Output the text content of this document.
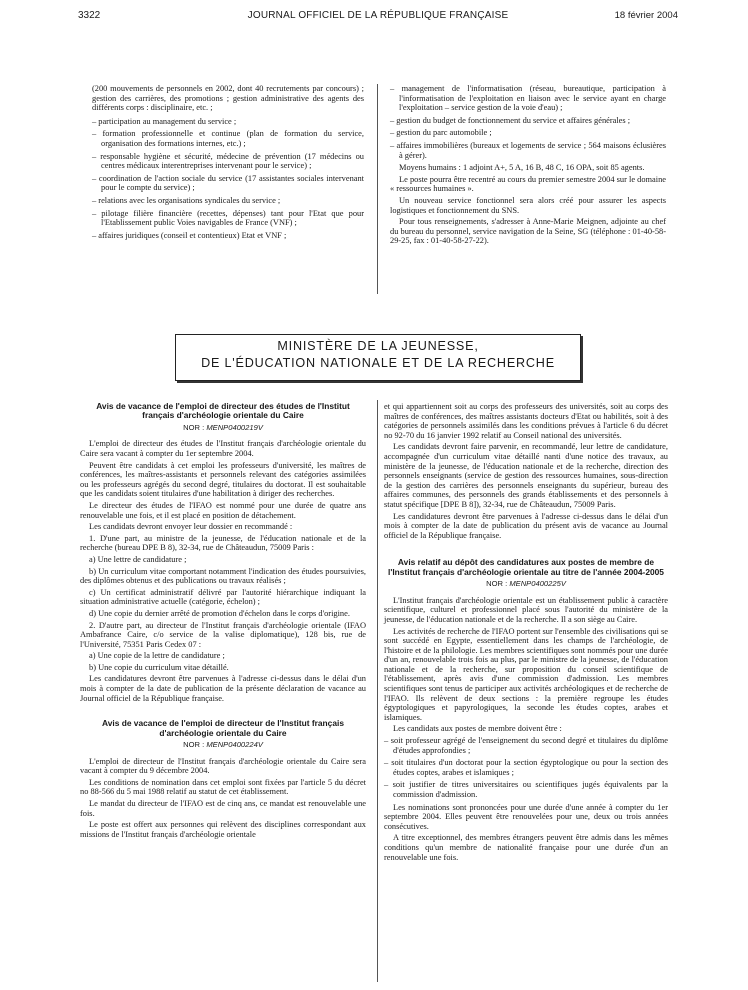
3322	JOURNAL OFFICIEL DE LA RÉPUBLIQUE FRANÇAISE	18 février 2004

(200 mouvements de personnels en 2002, dont 40 recrutements par concours) ; gestion des carrières, des promotions ; gestion administrative des agents des différents corps : disciplinaire, etc. ;

– participation au management du service ;
– formation professionnelle et continue (plan de formation du service, organisation des formations internes, etc.) ;
– responsable hygiène et sécurité, médecine de prévention (17 médecins ou centres médicaux interentreprises intervenant pour le service) ;
– coordination de l'action sociale du service (17 assistantes sociales intervenant pour le compte du service) ;
– relations avec les organisations syndicales du service ;
– pilotage filière financière (recettes, dépenses) tant pour l'Etat que pour l'Etablissement public Voies navigables de France (VNF) ;
– affaires juridiques (conseil et contentieux) Etat et VNF ;
– management de l'informatisation (réseau, bureautique, participation à l'informatisation de l'exploitation en liaison avec le service ayant en charge l'exploitation – service gestion de la voie d'eau) ;
– gestion du budget de fonctionnement du service et affaires générales ;
– gestion du parc automobile ;
– affaires immobilières (bureaux et logements de service ; 564 maisons éclusières à gérer).

Moyens humains : 1 adjoint A+, 5 A, 16 B, 48 C, 16 OPA, soit 85 agents.

Le poste pourra être recentré au cours du premier semestre 2004 sur le domaine « ressources humaines ».

Un nouveau service fonctionnel sera alors créé pour assurer les aspects logistiques et fonctionnement du SNS.

Pour tous renseignements, s'adresser à Anne-Marie Meignen, adjointe au chef du bureau du personnel, service navigation de la Seine, SG (téléphone : 01-40-58-29-25, fax : 01-40-58-27-22).

MINISTÈRE DE LA JEUNESSE,
DE L'ÉDUCATION NATIONALE ET DE LA RECHERCHE
Avis de vacance de l'emploi de directeur des études de l'Institut français d'archéologie orientale du Caire
NOR : MENP0400219V

L'emploi de directeur des études de l'Institut français d'archéologie orientale du Caire sera vacant à compter du 1er septembre 2004.

Peuvent être candidats à cet emploi les professeurs d'université, les maîtres de conférences, les maîtres-assistants et personnels relevant des catégories assimilées ou les professeurs agrégés du second degré, titulaires du doctorat. Il est souhaitable que les candidats soient titulaires d'une habilitation à diriger des recherches.

Le directeur des études de l'IFAO est nommé pour une durée de quatre ans renouvelable une fois, et il est placé en position de détachement.

Les candidats devront envoyer leur dossier en recommandé :

1. D'une part, au ministre de la jeunesse, de l'éducation nationale et de la recherche (bureau DPE B 8), 32-34, rue de Châteaudun, 75009 Paris :

a) Une lettre de candidature ;

b) Un curriculum vitae comportant notamment l'indication des études poursuivies, des diplômes obtenus et des publications ou travaux réalisés ;

c) Un certificat administratif délivré par l'autorité hiérarchique indiquant la situation administrative actuelle (catégorie, échelon) ;

d) Une copie du dernier arrêté de promotion d'échelon dans le corps d'origine.

2. D'autre part, au directeur de l'Institut français d'archéologie orientale (IFAO Ambafrance Caire, c/o service de la valise diplomatique), 128 bis, rue de l'Université, 75351 Paris Cedex 07 :

a) Une copie de la lettre de candidature ;

b) Une copie du curriculum vitae détaillé.

Les candidatures devront être parvenues à l'adresse ci-dessus dans le délai d'un mois à compter de la date de publication de la présente déclaration de vacance au Journal officiel de la République française.

Avis de vacance de l'emploi de directeur de l'Institut français d'archéologie orientale du Caire
NOR : MENP0400224V

L'emploi de directeur de l'Institut français d'archéologie orientale du Caire sera vacant à compter du 9 décembre 2004.

Les conditions de nomination dans cet emploi sont fixées par l'article 5 du décret no 88-566 du 5 mai 1988 relatif au statut de cet établissement.

Le mandat du directeur de l'IFAO est de cinq ans, ce mandat est renouvelable une fois.

Le poste est offert aux personnes qui relèvent des disciplines correspondant aux missions de l'Institut français d'archéologie orientale

et qui appartiennent soit au corps des professeurs des universités, soit au corps des maîtres de conférences, des maîtres assistants docteurs d'Etat ou habilités, soit à des catégories de personnels assimilés dans les conditions prévues à l'article 6 du décret no 92-70 du 16 janvier 1992 relatif au Conseil national des universités.

Les candidats devront faire parvenir, en recommandé, leur lettre de candidature, accompagnée d'un curriculum vitae détaillé nanti d'une notice des travaux, au ministère de la jeunesse, de l'éducation nationale et de la recherche, direction des personnels enseignants (service de gestion des ressources humaines, sous-direction de la gestion des carrières des personnels enseignants du supérieur, bureau des affaires communes, des personnels des grands établissements et des personnels à statut spécifique [DPE B 8]), 32-34, rue de Châteaudun, 75009 Paris.

Les candidatures devront être parvenues à l'adresse ci-dessus dans le délai d'un mois à compter de la date de publication du présent avis de vacance au Journal officiel de la République française.

Avis relatif au dépôt des candidatures aux postes de membre de l'Institut français d'archéologie orientale au titre de l'année 2004-2005
NOR : MENP0400225V

L'Institut français d'archéologie orientale est un établissement public à caractère scientifique, culturel et professionnel placé sous l'autorité du ministère de la jeunesse, de l'éducation nationale et de la recherche. Il a son siège au Caire.

Les activités de recherche de l'IFAO portent sur l'ensemble des civilisations qui se sont succédé en Egypte, essentiellement dans les champs de l'archéologie, de l'histoire et de la philologie. Les membres scientifiques sont nommés pour une durée d'un an, renouvelable trois fois au plus, par le ministre de la jeunesse, de l'éducation nationale et de la recherche, sur proposition du conseil scientifique de l'établissement, après avis d'une commission d'admission. Les membres scientifiques sont tenus de participer aux activités archéologiques et de recherche de l'IFAO. Ils relèvent de deux sections : la première regroupe les études égyptologiques et papyrologiques, la seconde les études coptes, arabes et islamiques.

Les candidats aux postes de membre doivent être :

– soit professeur agrégé de l'enseignement du second degré et titulaires du diplôme d'études approfondies ;
– soit titulaires d'un doctorat pour la section égyptologique ou pour la section des études coptes, arabes et islamiques ;
– soit justifier de titres universitaires ou scientifiques jugés équivalents par la commission d'admission.

Les nominations sont prononcées pour une durée d'une année à compter du 1er septembre 2004. Elles peuvent être renouvelées pour une, deux ou trois années consécutives.

A titre exceptionnel, des membres étrangers peuvent être admis dans les mêmes conditions qu'un membre de nationalité française pour une durée d'un an renouvelable une fois.
